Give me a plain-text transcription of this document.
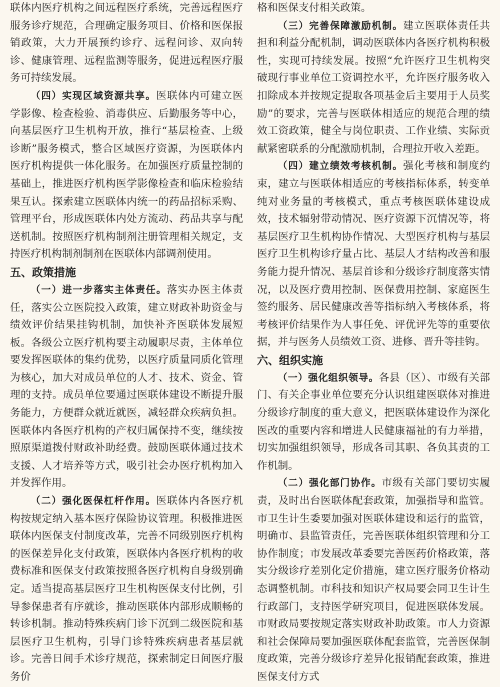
联体内医疗机构之间远程医疗系统，完善远程医疗服务诊疗规范，合理确定服务项目、价格和医保报销政策，大力开展预约诊疗、远程问诊、双向转诊、健康管理、远程监测等服务，促进远程医疗服务可持续发展。

（四）实现区域资源共享。医联体内可建立医学影像、检查检验、消毒供应、后勤服务等中心，向基层医疗卫生机构开放，推行“基层检查、上级诊断”服务模式，整合区域医疗资源，为医联体内医疗机构提供一体化服务。在加强医疗质量控制的基础上，推进医疗机构医学影像检查和临床检验结果互认。探索建立医联体内统一的药品招标采购、管理平台，形成医联体内处方流动、药品共享与配送机制。按照医疗机构制剂注册管理相关规定，支持医疗机构制剂制剂在医联体内部调剂使用。

五、政策措施

（一）进一步落实主体责任。落实办医主体责任，落实公立医院投入政策，建立财政补助资金与绩效评价结果挂钩机制，加快补齐医联体发展短板。各级公立医疗机构要主动履职尽责，主体单位要发挥医联体的集约优势，以医疗质量同质化管理为核心，加大对成员单位的人才、技术、资金、管理的支持。成员单位要通过医联体建设不断提升服务能力，方便群众就近就医，减轻群众疾病负担。医联体内各医疗机构的产权归属保持不变，继续按照原渠道拨付财政补助经费。鼓励医联体通过技术支援、人才培养等方式，吸引社会办医疗机构加入并发挥作用。

（二）强化医保杠杆作用。医联体内各医疗机构按规定纳入基本医疗保险协议管理。积极推进医联体内医保支付制度改革，完善不同级别医疗机构的医保差异化支付政策，医联体内各医疗机构的收费标准和医保支付政策按照各医疗机构自身级别确定。适当提高基层医疗卫生机构医保支付比例，引导参保患者有序就诊，推动医联体内部形成顺畅的转诊机制。推动特殊疾病门诊下沉到二级医院和基层医疗卫生机构，引导门诊特殊疾病患者基层就诊。完善日间手术诊疗规范，探索制定日间医疗服务价

格和医保支付相关政策。

（三）完善保障激励机制。建立医联体责任共担和利益分配机制，调动医联体内各医疗机构积极性，实现可持续发展。按照“允许医疗卫生机构突破现行事业单位工资调控水平，允许医疗服务收入扣除成本并按规定提取各项基金后主要用于人员奖励”的要求，完善与医联体相适应的规范合理的绩效工资政策，健全与岗位职责、工作业绩、实际贡献紧密联系的分配激励机制，合理拉开收入差距。

（四）建立绩效考核机制。强化考核和制度约束，建立与医联体相适应的考核指标体系，转变单纯对业务量的考核模式，重点考核医联体建设成效，技术辐射带动情况、医疗资源下沉情况等，将基层医疗卫生机构协作情况、大型医疗机构与基层医疗卫生机构诊疗量占比、基层人才结构改善和服务能力提升情况、基层首诊和分级诊疗制度落实情况，以及医疗费用控制、医保费用控制、家庭医生签约服务、居民健康改善等指标纳入考核体系，将考核评价结果作为人事任免、评优评先等的重要依据，并与医务人员绩效工资、进修、晋升等挂钩。

六、组织实施

（一）强化组织领导。各县（区）、市级有关部门、有关企事业单位要充分认识组建医联体对推进分级诊疗制度的重大意义，把医联体建设作为深化医改的重要内容和增进人民健康福祉的有力举措，切实加强组织领导，形成各司其职、各负其责的工作机制。

（二）强化部门协作。市级有关部门要切实履责，及时出台医联体配套政策，加强指导和监管。市卫生计生委要加强对医联体建设和运行的监管，明确市、县监管责任，完善医联体组织管理和分工协作制度；市发展改革委要完善医药价格政策，落实分级诊疗差别化定价措施，建立医疗服务价格动态调整机制。市科技和知识产权局要会同卫生计生行政部门，支持医学研究项目，促进医联体发展。市财政局要按规定落实财政补助政策。市人力资源和社会保障局要加强医联体配套监管，完善医保制度政策，完善分级诊疗差异化报销配套政策，推进医保支付方式
